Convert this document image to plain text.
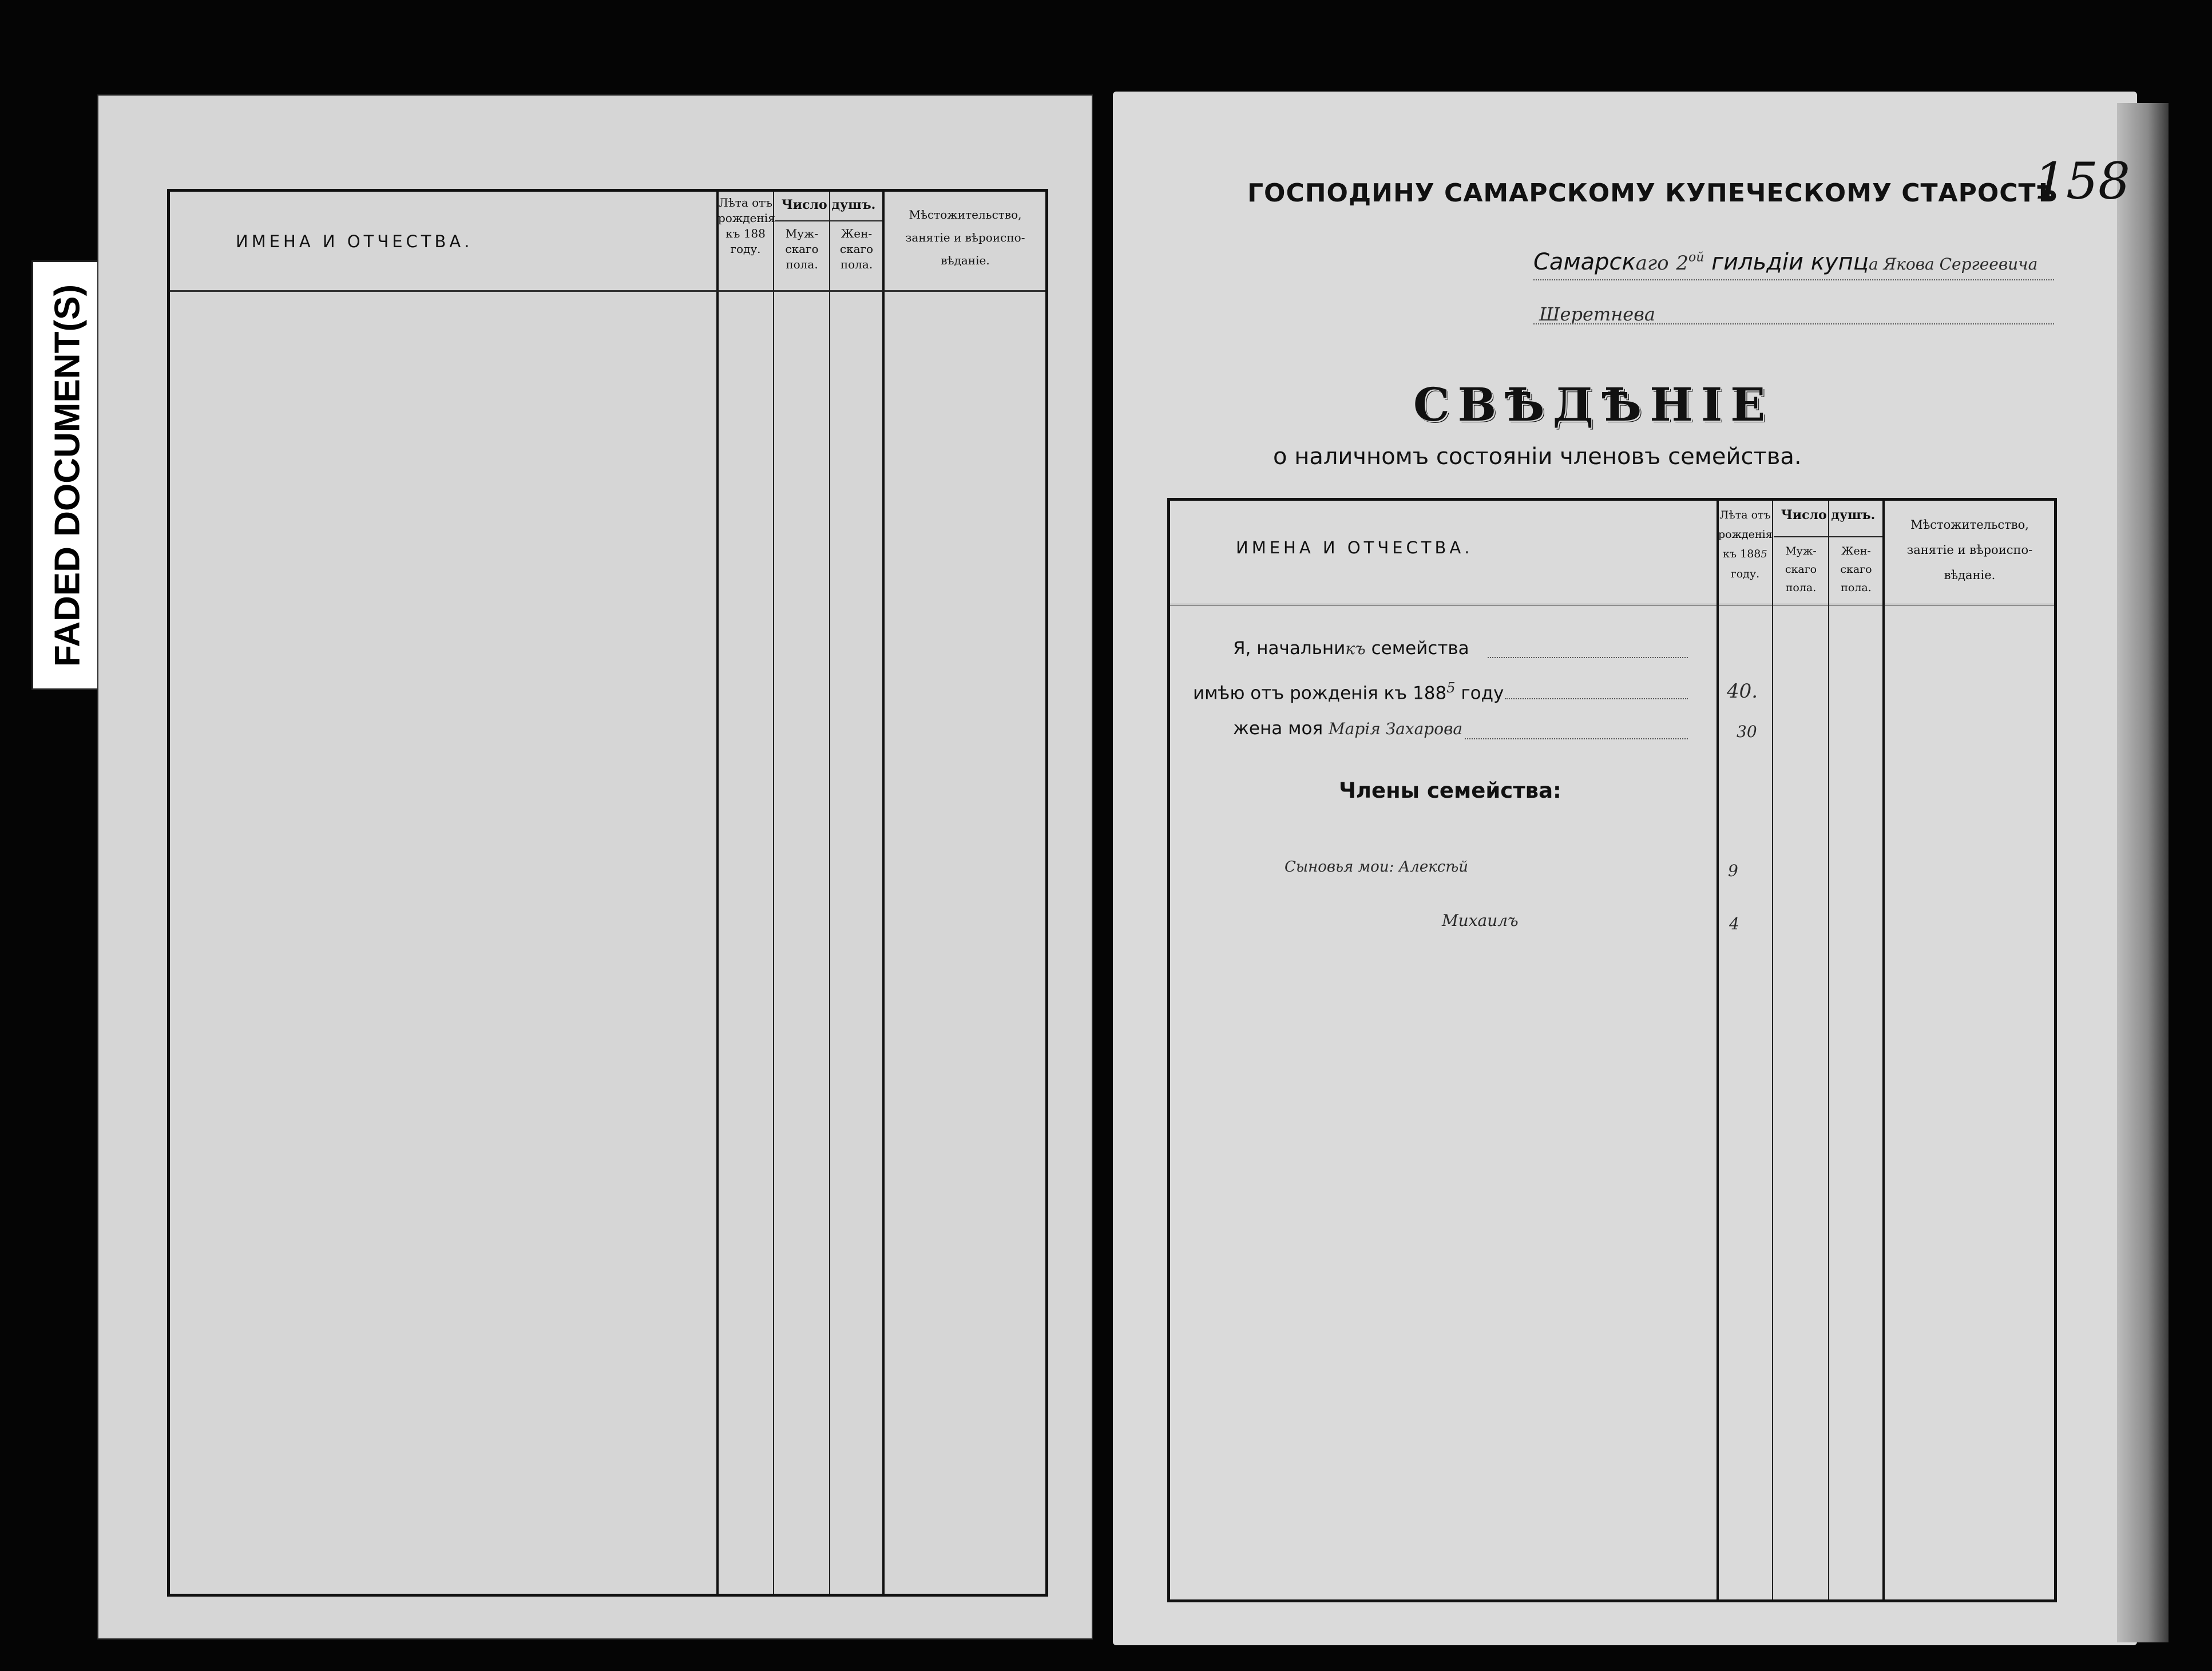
FADED DOCUMENT(S)
ИМЕНА И ОТЧЕСТВА.
Лѣта отъ
рожденія
къ 188
году.
Число душъ.
Муж-
скаго
пола.
Жен-
скаго
пола.
Мѣстожительство,
занятіе и вѣроиспо-
вѣданіе.
ГОСПОДИНУ САМАРСКОМУ КУПЕЧЕСКОМУ СТАРОСТѢ
158
Самарскаго $2^{ой}$ гильдіи купца Якова Сергеевича
Шеретнева
СВѢДѢНІЕ
о наличномъ состояніи членовъ семейства.
ИМЕНА И ОТЧЕСТВА.
Лѣта отъ
рожденія
къ 1885
году.
Число душъ.
Муж-
скаго
пола.
Жен-
скаго
пола.
Мѣстожительство,
занятіе и вѣроиспо-
вѣданіе.
Я, начальникъ семейства
имѣю отъ рожденія къ $188^5$ году	40.
жена моя Марія Захарова	30
Члены семейства:
Сыновья мои: Алексѣй	9
Михаилъ	4
